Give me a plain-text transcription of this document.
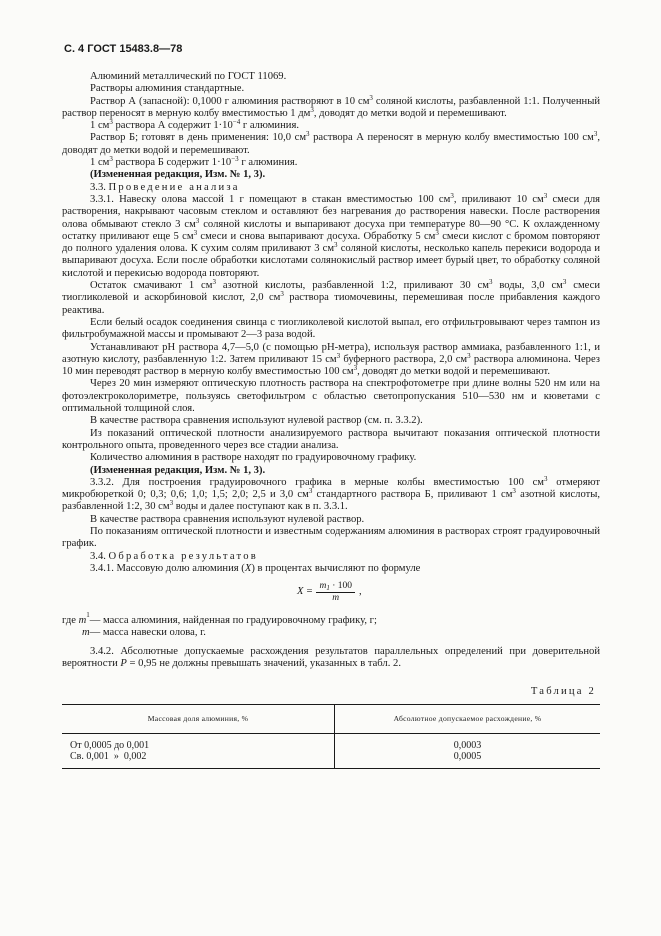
С. 4 ГОСТ 15483.8—78

Алюминий металлический по ГОСТ 11069.

Растворы алюминия стандартные.

Раствор А (запасной): 0,1000 г алюминия растворяют в 10 $см^3$ соляной кислоты, разбавленной 1:1. Полученный раствор переносят в мерную колбу вместимостью 1 $дм^3$, доводят до метки водой и перемешивают.

1 $см^3$ раствора А содержит $1\cdot 10^{-4}$ г алюминия.

Раствор Б; готовят в день применения: 10,0 $см^3$ раствора А переносят в мерную колбу вместимостью 100 $см^3$, доводят до метки водой и перемешивают.

1 $см^3$ раствора Б содержит $1\cdot 10^{-3}$ г алюминия.

(Измененная редакция, Изм. № 1, 3).

3.3. Проведение анализа

3.3.1. Навеску олова массой 1 г помещают в стакан вместимостью 100 $см^3$, приливают 10 $см^3$ смеси для растворения, накрывают часовым стеклом и оставляют без нагревания до растворения навески. После растворения олова обмывают стекло 3 $см^3$ соляной кислоты и выпаривают досуха при температуре 80—90 °С. К охлажденному остатку приливают еще 5 $см^3$ смеси и снова выпаривают досуха. Обработку 5 $см^3$ смеси кислот с бромом повторяют до полного удаления олова. К сухим солям приливают 3 $см^3$ соляной кислоты, несколько капель перекиси водорода и выпаривают досуха. Если после обработки кислотами солянокислый раствор имеет бурый цвет, то обработку соляной кислотой и перекисью водорода повторяют.

Остаток смачивают 1 $см^3$ азотной кислоты, разбавленной 1:2, приливают 30 $см^3$ воды, 3,0 $см^3$ смеси тиогликолевой и аскорбиновой кислот, 2,0 $см^3$ раствора тиомочевины, перемешивая после прибавления каждого реактива.

Если белый осадок соединения свинца с тиогликолевой кислотой выпал, его отфильтровывают через тампон из фильтробумажной массы и промывают 2—3 раза водой.

Устанавливают рН раствора 4,7—5,0 (с помощью рН-метра), используя раствор аммиака, разбавленного 1:1, и азотную кислоту, разбавленную 1:2. Затем приливают 15 $см^3$ буферного раствора, 2,0 $см^3$ раствора алюминона. Через 10 мин переводят раствор в мерную колбу вместимостью 100 $см^3$, доводят до метки водой и перемешивают.

Через 20 мин измеряют оптическую плотность раствора на спектрофотометре при длине волны 520 нм или на фотоэлектроколориметре, пользуясь светофильтром с областью светопропускания 510—530 нм и кюветами с оптимальной толщиной слоя.

В качестве раствора сравнения используют нулевой раствор (см. п. 3.3.2).

Из показаний оптической плотности анализируемого раствора вычитают показания оптической плотности контрольного опыта, проведенного через все стадии анализа.

Количество алюминия в растворе находят по градуировочному графику.

(Измененная редакция, Изм. № 1, 3).

3.3.2. Для построения градуировочного графика в мерные колбы вместимостью 100 $см^3$ отмеряют микробюреткой 0; 0,3; 0,6; 1,0; 1,5; 2,0; 2,5 и 3,0 $см^3$ стандартного раствора Б, приливают 1 $см^3$ азотной кислоты, разбавленной 1:2, 30 $см^3$ воды и далее поступают как в п. 3.3.1.

В качестве раствора сравнения используют нулевой раствор.

По показаниям оптической плотности и известным содержаниям алюминия в растворах строят градуировочный график.

3.4. Обработка результатов

3.4.1. Массовую долю алюминия (X) в процентах вычисляют по формуле

$X = \frac{m_1 \cdot 100}{m}$ ,
где
m 1 — масса алюминия, найденная по градуировочному графику, г;
m — масса навески олова, г.

3.4.2. Абсолютные допускаемые расхождения результатов параллельных определений при доверительной вероятности P = 0,95 не должны превышать значений, указанных в табл. 2.

Таблица 2
Массовая доля алюминия, %	Абсолютное допускаемое расхождение, %
От 0,0005 до 0,001	0,0003
Св. 0,001  »  0,002	0,0005
